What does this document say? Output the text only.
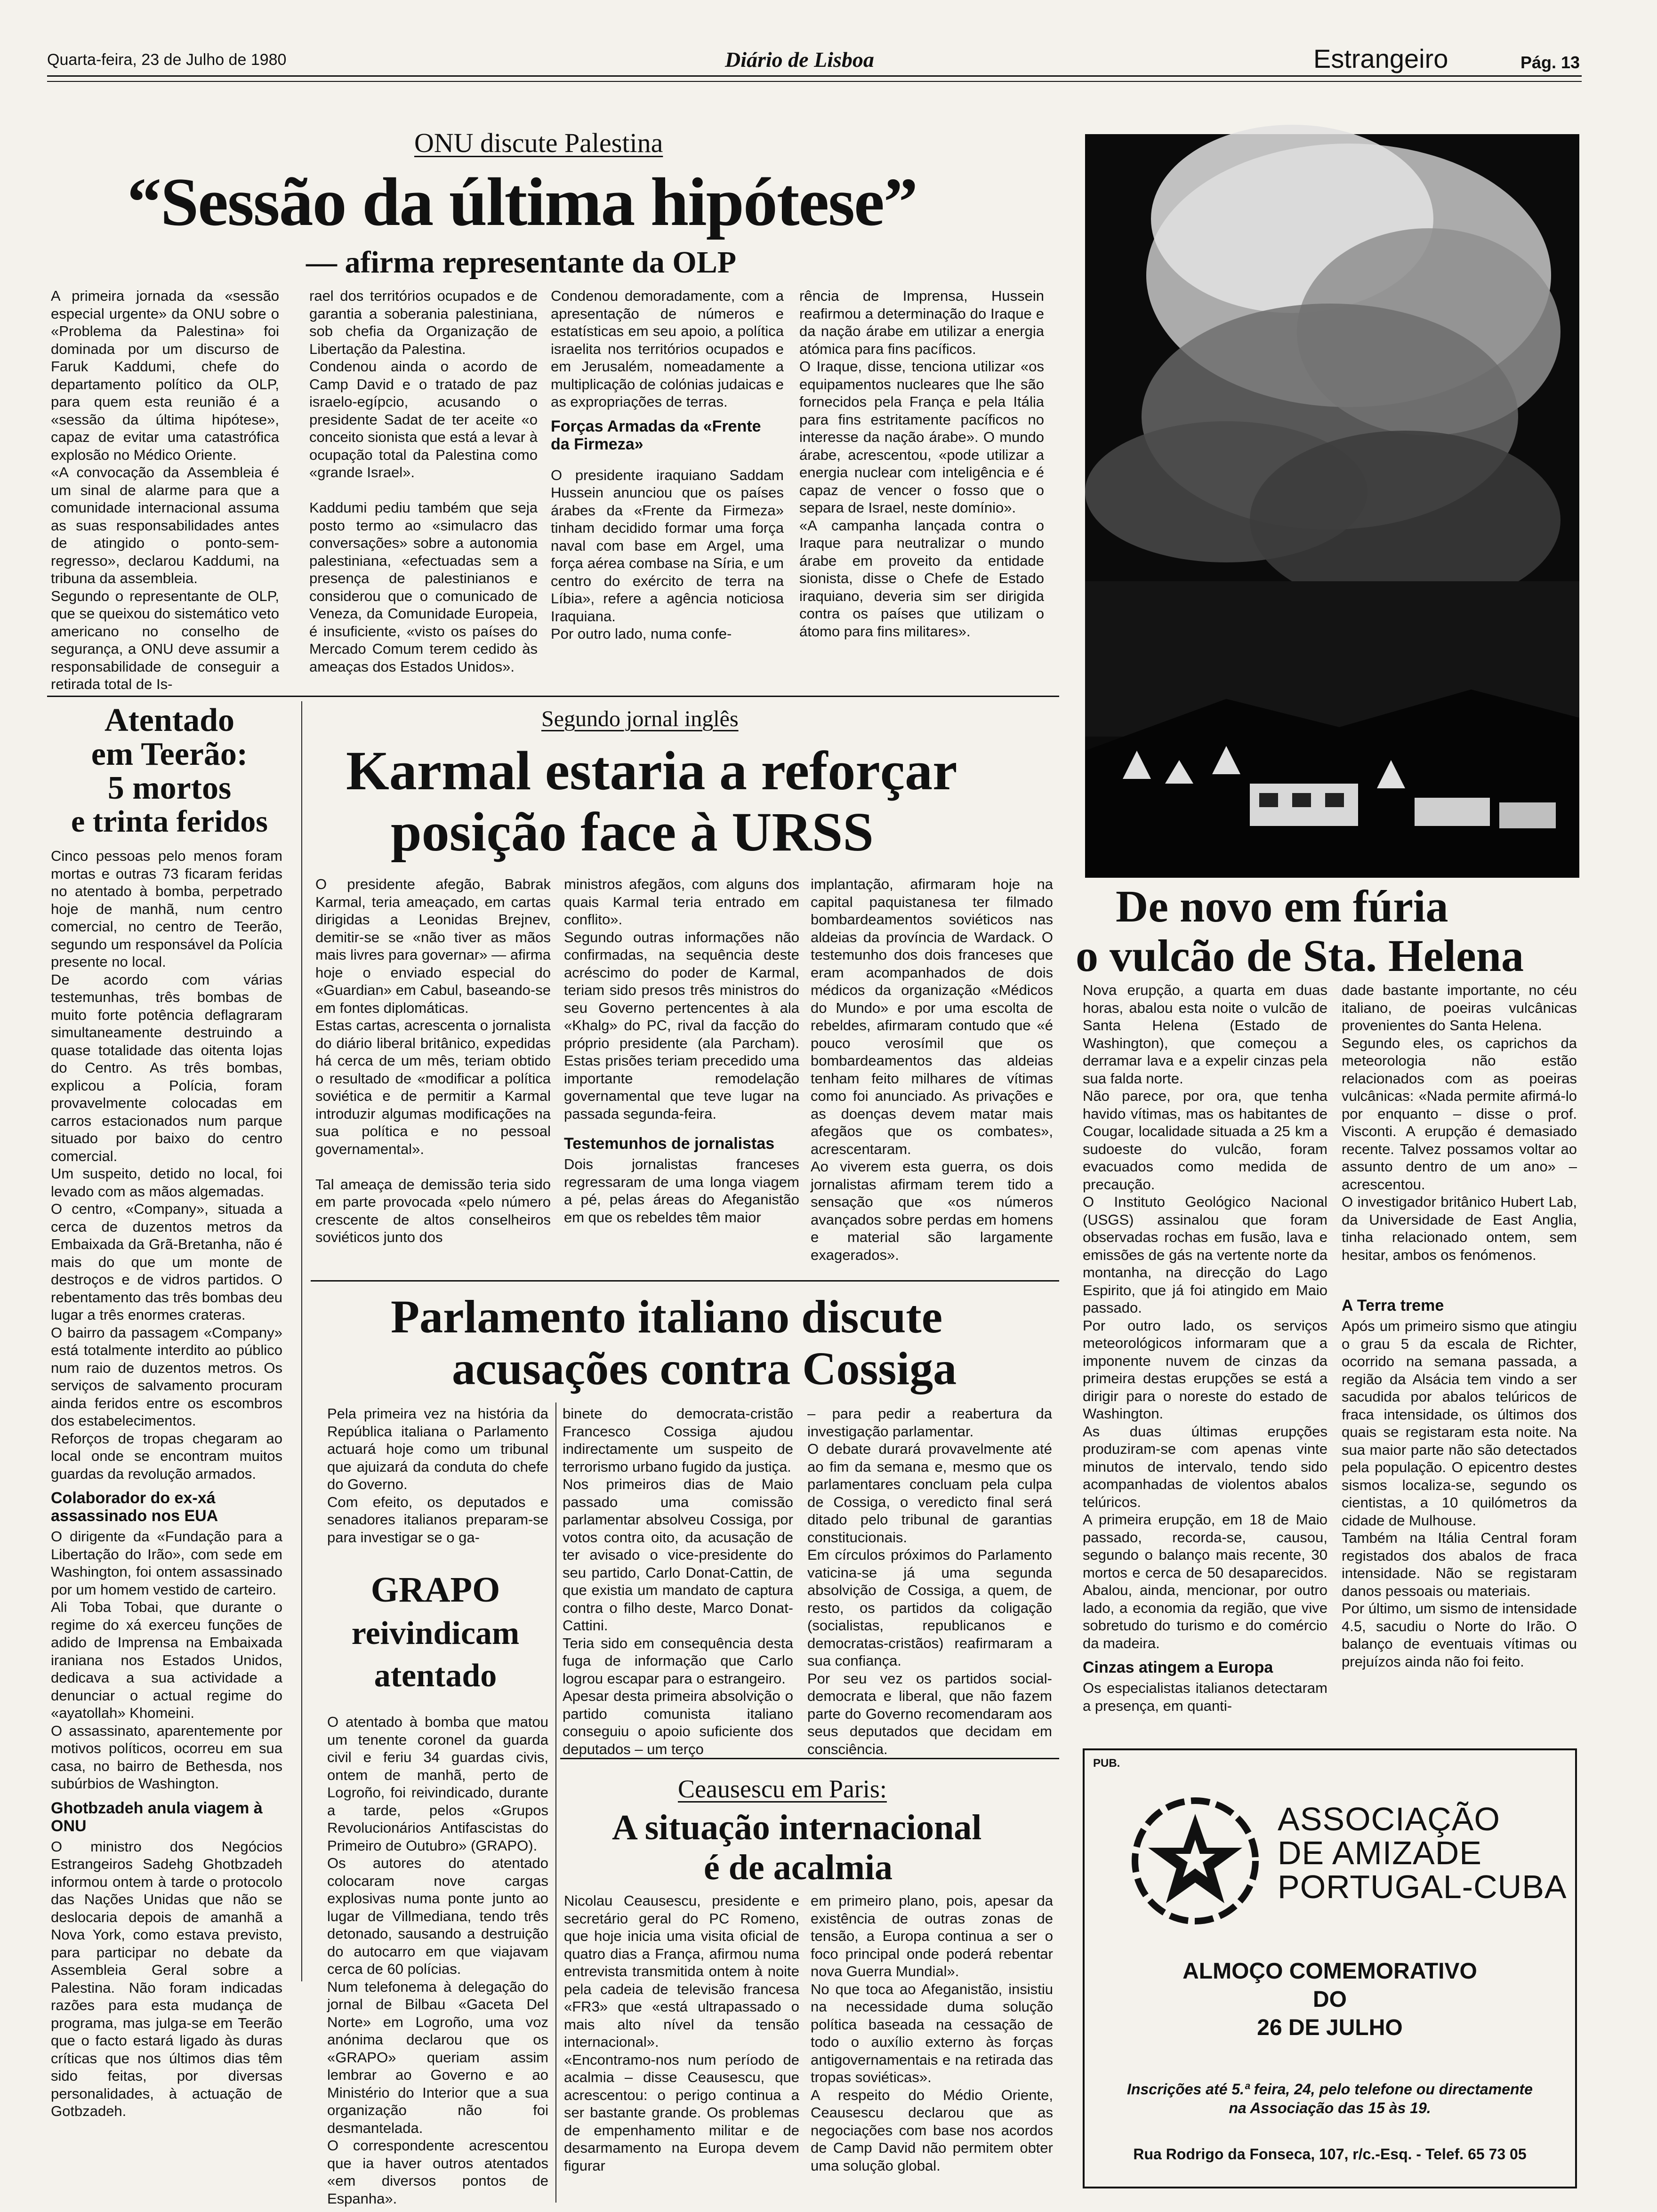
Quarta-feira, 23 de Julho de 1980	Diário de Lisboa	Estrangeiro	Pág. 13
ONU discute Palestina
“Sessão da última hipótese”
— afirma representante da OLP
A primeira jornada da «sessão especial urgente» da ONU sobre o «Problema da Palestina» foi dominada por um discurso de Faruk Kaddumi, chefe do departamento político da OLP, para quem esta reunião é a «sessão da última hipótese», capaz de evitar uma catastrófica explosão no Médico Oriente.
«A convocação da Assembleia é um sinal de alarme para que a comunidade internacional assuma as suas responsabilidades antes de atingido o ponto-sem-regresso», declarou Kaddumi, na tribuna da assembleia.
Segundo o representante de OLP, que se queixou do sistemático veto americano no conselho de segurança, a ONU deve assumir a responsabilidade de conseguir a retirada total de Is-
rael dos territórios ocupados e de garantia a soberania palestiniana, sob chefia da Organização de Libertação da Palestina.
Condenou ainda o acordo de Camp David e o tratado de paz israelo-egípcio, acusando o presidente Sadat de ter aceite «o conceito sionista que está a levar à ocupação total da Palestina como «grande Israel».

Kaddumi pediu também que seja posto termo ao «simulacro das conversações» sobre a autonomia palestiniana, «efectuadas sem a presença de palestinianos e considerou que o comunicado de Veneza, da Comunidade Europeia, é insuficiente, «visto os países do Mercado Comum terem cedido às ameaças dos Estados Unidos».
Condenou demoradamente, com a apresentação de números e estatísticas em seu apoio, a política israelita nos territórios ocupados e em Jerusalém, nomeadamente a multiplicação de colónias judaicas e as expropriações de terras.
Forças Armadas da «Frente da Firmeza»
O presidente iraquiano Saddam Hussein anunciou que os países árabes da «Frente da Firmeza» tinham decidido formar uma força naval com base em Argel, uma força aérea combase na Síria, e um centro do exército de terra na Líbia», refere a agência noticiosa Iraquiana.
Por outro lado, numa confe-
rência de Imprensa, Hussein reafirmou a determinação do Iraque e da nação árabe em utilizar a energia atómica para fins pacíficos.
O Iraque, disse, tenciona utilizar «os equipamentos nucleares que lhe são fornecidos pela França e pela Itália para fins estritamente pacíficos no interesse da nação árabe». O mundo árabe, acrescentou, «pode utilizar a energia nuclear com inteligência e é capaz de vencer o fosso que o separa de Israel, neste domínio».
«A campanha lançada contra o Iraque para neutralizar o mundo árabe em proveito da entidade sionista, disse o Chefe de Estado iraquiano, deveria sim ser dirigida contra os países que utilizam o átomo para fins militares».
Atentado
em Teerão:
5 mortos
e trinta feridos
Cinco pessoas pelo menos foram mortas e outras 73 ficaram feridas no atentado à bomba, perpetrado hoje de manhã, num centro comercial, no centro de Teerão, segundo um responsável da Polícia presente no local.
De acordo com várias testemunhas, três bombas de muito forte potência deflagraram simultaneamente destruindo a quase totalidade das oitenta lojas do Centro. As três bombas, explicou a Polícia, foram provavelmente colocadas em carros estacionados num parque situado por baixo do centro comercial.
Um suspeito, detido no local, foi levado com as mãos algemadas.
O centro, «Company», situada a cerca de duzentos metros da Embaixada da Grã-Bretanha, não é mais do que um monte de destroços e de vidros partidos. O rebentamento das três bombas deu lugar a três enormes crateras.
O bairro da passagem «Company» está totalmente interdito ao público num raio de duzentos metros. Os serviços de salvamento procuram ainda feridos entre os escombros dos estabelecimentos.
Reforços de tropas chegaram ao local onde se encontram muitos guardas da revolução armados.
Colaborador do ex-xá assassinado nos EUA
O dirigente da «Fundação para a Libertação do Irão», com sede em Washington, foi ontem assassinado por um homem vestido de carteiro.
Ali Toba Tobai, que durante o regime do xá exerceu funções de adido de Imprensa na Embaixada iraniana nos Estados Unidos, dedicava a sua actividade a denunciar o actual regime do «ayatollah» Khomeini.
O assassinato, aparentemente por motivos políticos, ocorreu em sua casa, no bairro de Bethesda, nos subúrbios de Washington.
Ghotbzadeh anula viagem à ONU
O ministro dos Negócios Estrangeiros Sadehg Ghotbzadeh informou ontem à tarde o protocolo das Nações Unidas que não se deslocaria depois de amanhã a Nova York, como estava previsto, para participar no debate da Assembleia Geral sobre a Palestina. Não foram indicadas razões para esta mudança de programa, mas julga-se em Teerão que o facto estará ligado às duras críticas que nos últimos dias têm sido feitas, por diversas personalidades, à actuação de Gotbzadeh.
Segundo jornal inglês
Karmal estaria a reforçar
posição face à URSS
O presidente afegão, Babrak Karmal, teria ameaçado, em cartas dirigidas a Leonidas Brejnev, demitir-se se «não tiver as mãos mais livres para governar» — afirma hoje o enviado especial do «Guardian» em Cabul, baseando-se em fontes diplomáticas.
Estas cartas, acrescenta o jornalista do diário liberal britânico, expedidas há cerca de um mês, teriam obtido o resultado de «modificar a política soviética e de permitir a Karmal introduzir algumas modificações na sua política e no pessoal governamental».

Tal ameaça de demissão teria sido em parte provocada «pelo número crescente de altos conselheiros soviéticos junto dos
ministros afegãos, com alguns dos quais Karmal teria entrado em conflito».
Segundo outras informações não confirmadas, na sequência deste acréscimo do poder de Karmal, teriam sido presos três ministros do seu Governo pertencentes à ala «Khalg» do PC, rival da facção do próprio presidente (ala Parcham). Estas prisões teriam precedido uma importante remodelação governamental que teve lugar na passada segunda-feira.
Testemunhos de jornalistas
Dois jornalistas franceses regressaram de uma longa viagem a pé, pelas áreas do Afeganistão em que os rebeldes têm maior
implantação, afirmaram hoje na capital paquistanesa ter filmado bombardeamentos soviéticos nas aldeias da província de Wardack. O testemunho dos dois franceses que eram acompanhados de dois médicos da organização «Médicos do Mundo» e por uma escolta de rebeldes, afirmaram contudo que «é pouco verosímil que os bombardeamentos das aldeias tenham feito milhares de vítimas como foi anunciado. As privações e as doenças devem matar mais afegãos que os combates», acrescentaram.
Ao viverem esta guerra, os dois jornalistas afirmam terem tido a sensação que «os números avançados sobre perdas em homens e material são largamente exagerados».
Parlamento italiano discute
acusações contra Cossiga
Pela primeira vez na história da República italiana o Parlamento actuará hoje como um tribunal que ajuizará da conduta do chefe do Governo.
Com efeito, os deputados e senadores italianos preparam-se para investigar se o ga-
binete do democrata-cristão Francesco Cossiga ajudou indirectamente um suspeito de terrorismo urbano fugido da justiça.
Nos primeiros dias de Maio passado uma comissão parlamentar absolveu Cossiga, por votos contra oito, da acusação de ter avisado o vice-presidente do seu partido, Carlo Donat-Cattin, de que existia um mandato de captura contra o filho deste, Marco Donat-Cattini.
Teria sido em consequência desta fuga de informação que Carlo logrou escapar para o estrangeiro.
Apesar desta primeira absolvição o partido comunista italiano conseguiu o apoio suficiente dos deputados – um terço
– para pedir a reabertura da investigação parlamentar.
O debate durará provavelmente até ao fim da semana e, mesmo que os parlamentares concluam pela culpa de Cossiga, o veredicto final será ditado pelo tribunal de garantias constitucionais.
Em círculos próximos do Parlamento vaticina-se já uma segunda absolvição de Cossiga, a quem, de resto, os partidos da coligação (socialistas, republicanos e democratas-cristãos) reafirmaram a sua confiança.
Por seu vez os partidos social-democrata e liberal, que não fazem parte do Governo recomendaram aos seus deputados que decidam em consciência.
GRAPO
reivindicam
atentado
O atentado à bomba que matou um tenente coronel da guarda civil e feriu 34 guardas civis, ontem de manhã, perto de Logroño, foi reivindicado, durante a tarde, pelos «Grupos Revolucionários Antifascistas do Primeiro de Outubro» (GRAPO).
Os autores do atentado colocaram nove cargas explosivas numa ponte junto ao lugar de Villmediana, tendo três detonado, sausando a destruição do autocarro em que viajavam cerca de 60 polícias.
Num telefonema à delegação do jornal de Bilbau «Gaceta Del Norte» em Logroño, uma voz anónima declarou que os «GRAPO» queriam assim lembrar ao Governo e ao Ministério do Interior que a sua organização não foi desmantelada.
O correspondente acrescentou que ia haver outros atentados «em diversos pontos de Espanha».
Ceausescu em Paris:
A situação internacional
é de acalmia
Nicolau Ceausescu, presidente e secretário geral do PC Romeno, que hoje inicia uma visita oficial de quatro dias a França, afirmou numa entrevista transmitida ontem à noite pela cadeia de televisão francesa «FR3» que «está ultrapassado o mais alto nível da tensão internacional».
«Encontramo-nos num período de acalmia – disse Ceausescu, que acrescentou: o perigo continua a ser bastante grande. Os problemas de empenhamento militar e de desarmamento na Europa devem figurar
em primeiro plano, pois, apesar da existência de outras zonas de tensão, a Europa continua a ser o foco principal onde poderá rebentar nova Guerra Mundial».
No que toca ao Afeganistão, insistiu na necessidade duma solução política baseada na cessação de todo o auxílio externo às forças antigovernamentais e na retirada das tropas soviéticas».
A respeito do Médio Oriente, Ceausescu declarou que as negociações com base nos acordos de Camp David não permitem obter uma solução global.
De novo em fúria
o vulcão de Sta. Helena
Nova erupção, a quarta em duas horas, abalou esta noite o vulcão de Santa Helena (Estado de Washington), que começou a derramar lava e a expelir cinzas pela sua falda norte.
Não parece, por ora, que tenha havido vítimas, mas os habitantes de Cougar, localidade situada a 25 km a sudoeste do vulcão, foram evacuados como medida de precaução.
O Instituto Geológico Nacional (USGS) assinalou que foram observadas rochas em fusão, lava e emissões de gás na vertente norte da montanha, na direcção do Lago Espirito, que já foi atingido em Maio passado.
Por outro lado, os serviços meteorológicos informaram que a imponente nuvem de cinzas da primeira destas erupções se está a dirigir para o noreste do estado de Washington.
As duas últimas erupções produziram-se com apenas vinte minutos de intervalo, tendo sido acompanhadas de violentos abalos telúricos.
A primeira erupção, em 18 de Maio passado, recorda-se, causou, segundo o balanço mais recente, 30 mortos e cerca de 50 desaparecidos. Abalou, ainda, mencionar, por outro lado, a economia da região, que vive sobretudo do turismo e do comércio da madeira.
Cinzas atingem a Europa
Os especialistas italianos detectaram a presença, em quanti-
dade bastante importante, no céu italiano, de poeiras vulcânicas provenientes do Santa Helena.
Segundo eles, os caprichos da meteorologia não estão relacionados com as poeiras vulcânicas: «Nada permite afirmá-lo por enquanto – disse o prof. Visconti. A erupção é demasiado recente. Talvez possamos voltar ao assunto dentro de um ano» – acrescentou.
O investigador britânico Hubert Lab, da Universidade de East Anglia, tinha relacionado ontem, sem hesitar, ambos os fenómenos.
A Terra treme
Após um primeiro sismo que atingiu o grau 5 da escala de Richter, ocorrido na semana passada, a região da Alsácia tem vindo a ser sacudida por abalos telúricos de fraca intensidade, os últimos dos quais se registaram esta noite. Na sua maior parte não são detectados pela população. O epicentro destes sismos localiza-se, segundo os cientistas, a 10 quilómetros da cidade de Mulhouse.
Também na Itália Central foram registados dos abalos de fraca intensidade. Não se registaram danos pessoais ou materiais.
Por último, um sismo de intensidade 4.5, sacudiu o Norte do Irão. O balanço de eventuais vítimas ou prejuízos ainda não foi feito.
PUB.
ASSOCIAÇÃO
DE AMIZADE
PORTUGAL-CUBA
ALMOÇO COMEMORATIVO
DO
26 DE JULHO
Inscrições até 5.ª feira, 24, pelo telefone ou directamente
na Associação das 15 às 19.
Rua Rodrigo da Fonseca, 107, r/c.-Esq. - Telef. 65 73 05
